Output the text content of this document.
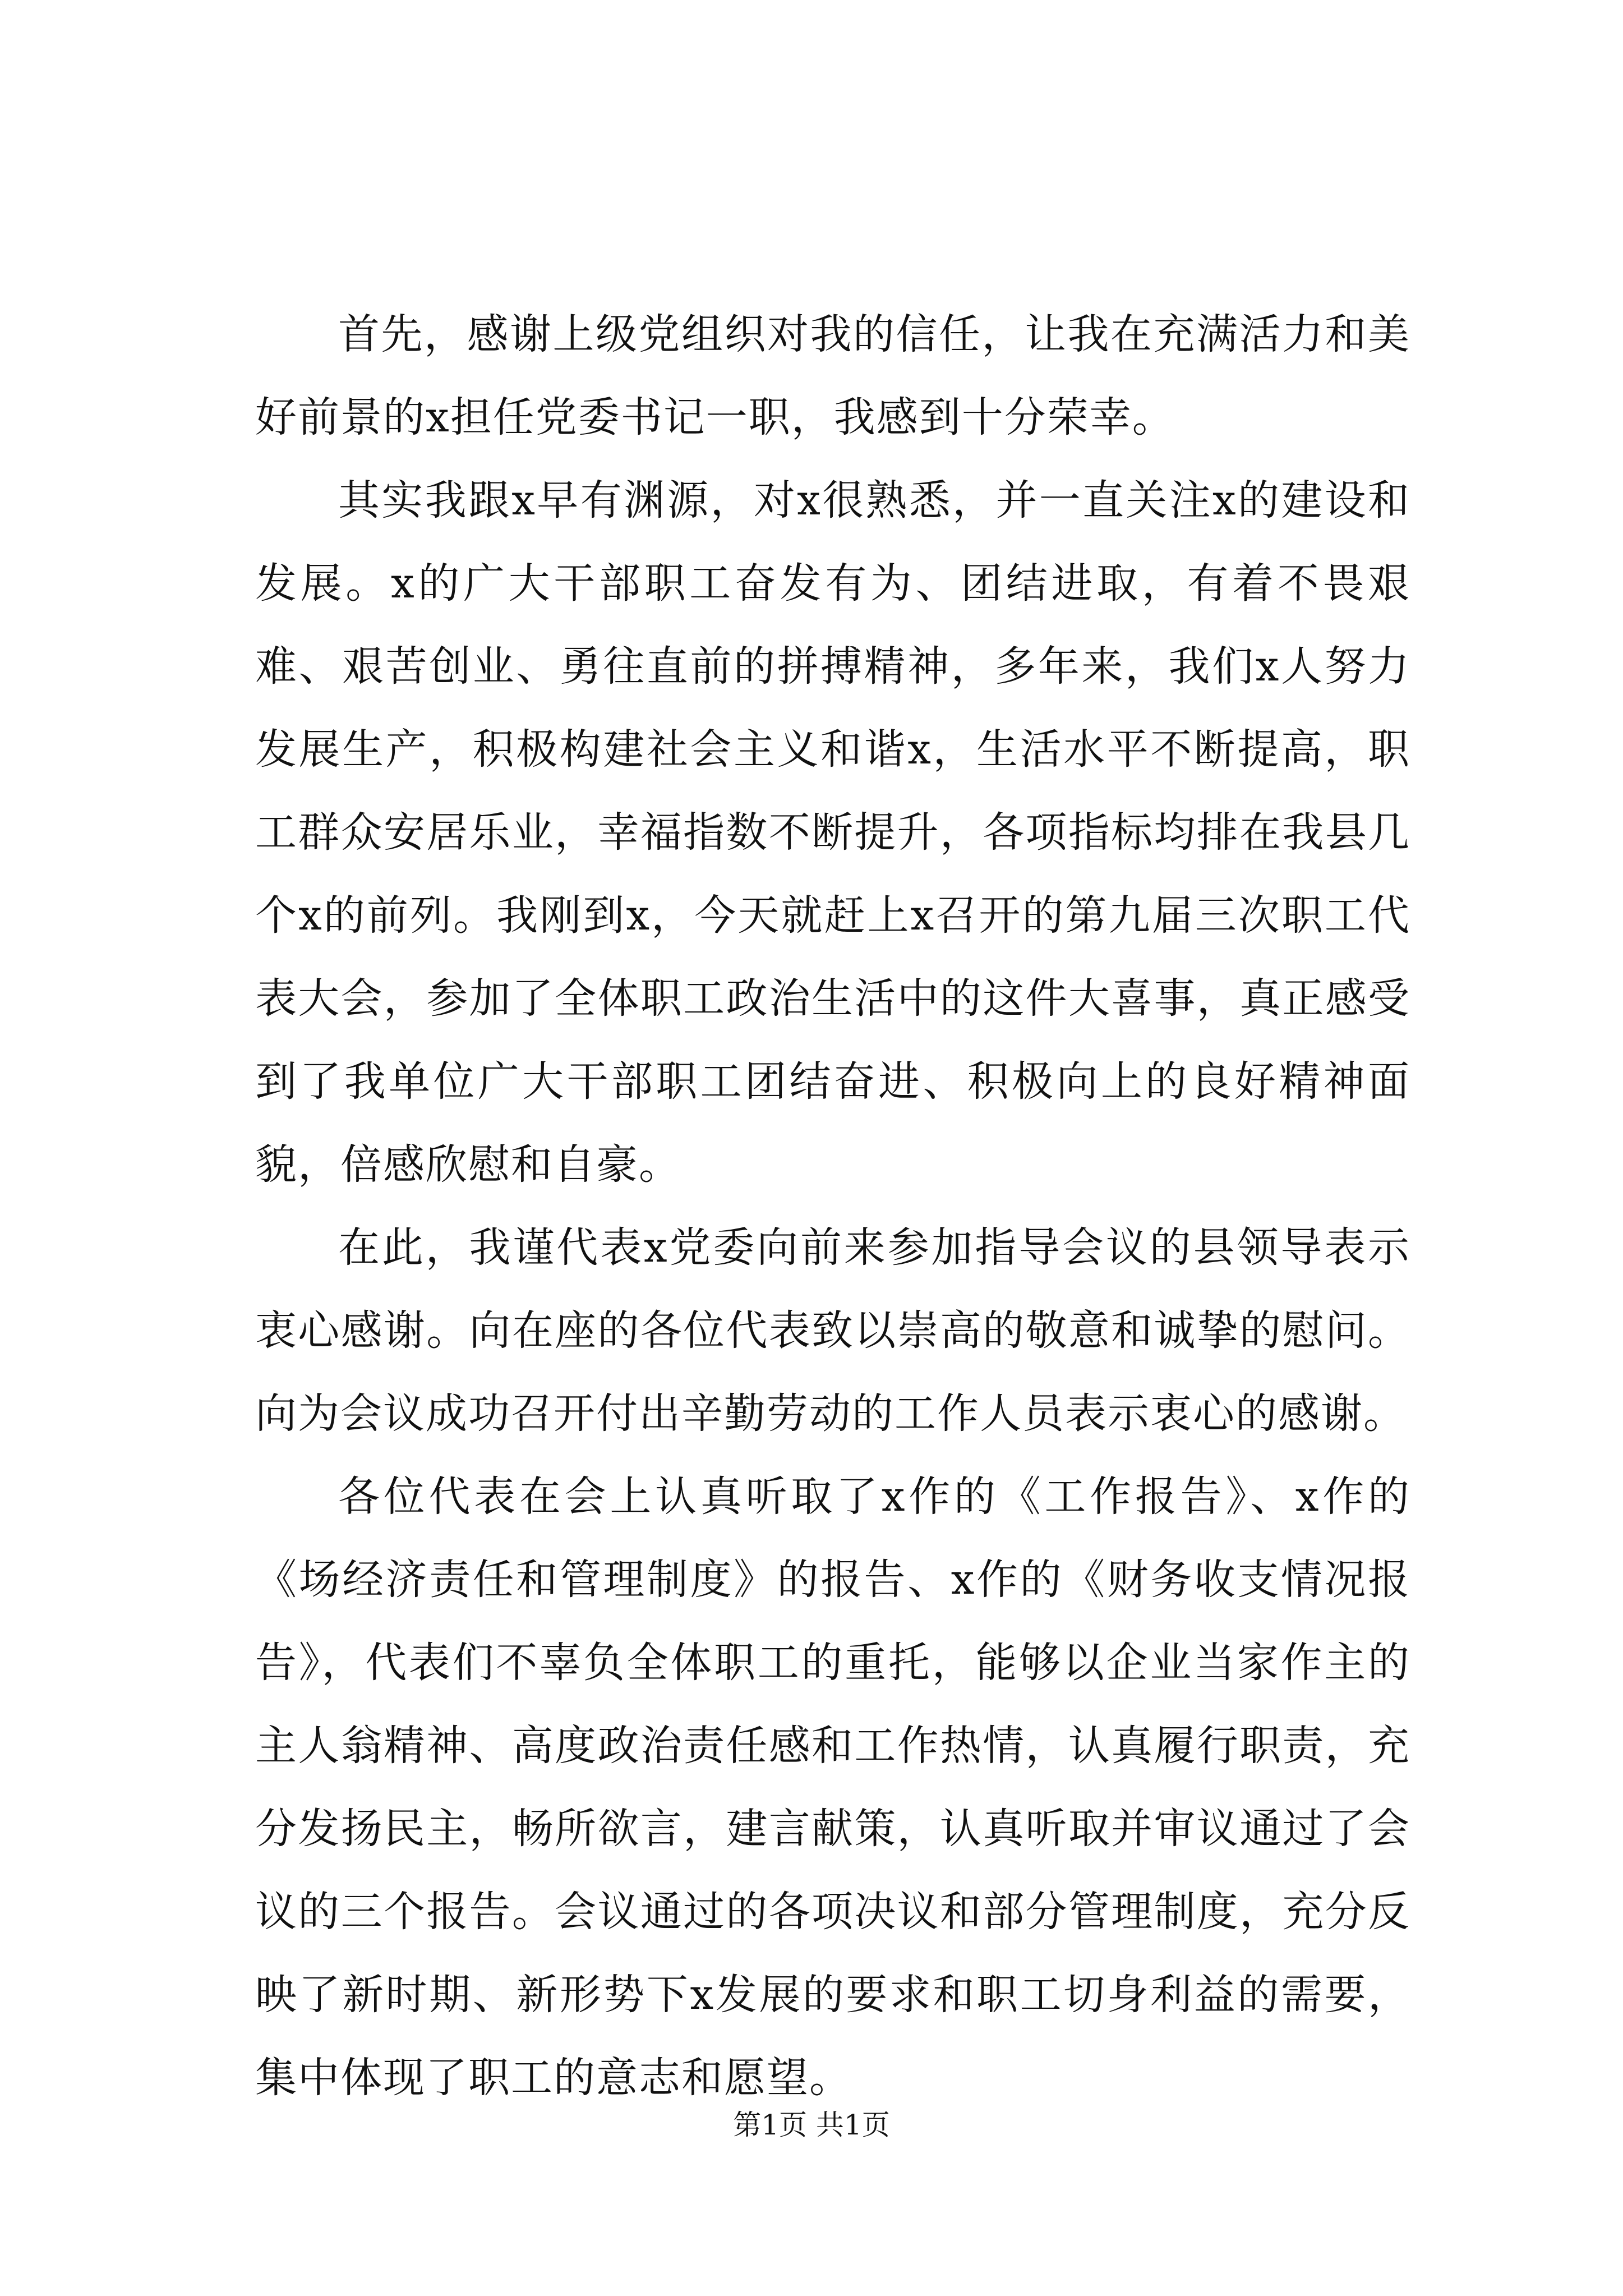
首先，感谢上级党组织对我的信任，让我在充满活力和美好前景的x担任党委书记一职，我感到十分荣幸。

其实我跟x早有渊源，对x很熟悉，并一直关注x的建设和发展。x的广大干部职工奋发有为、团结进取，有着不畏艰难、艰苦创业、勇往直前的拼搏精神，多年来，我们x人努力发展生产，积极构建社会主义和谐x，生活水平不断提高，职工群众安居乐业，幸福指数不断提升，各项指标均排在我县几个x的前列。我刚到x，今天就赶上x召开的第九届三次职工代表大会，参加了全体职工政治生活中的这件大喜事，真正感受到了我单位广大干部职工团结奋进、积极向上的良好精神面貌，倍感欣慰和自豪。

在此，我谨代表x党委向前来参加指导会议的县领导表示衷心感谢。向在座的各位代表致以崇高的敬意和诚挚的慰问。向为会议成功召开付出辛勤劳动的工作人员表示衷心的感谢。

各位代表在会上认真听取了x作的《工作报告》、x作的《场经济责任和管理制度》的报告、x作的《财务收支情况报告》，代表们不辜负全体职工的重托，能够以企业当家作主的主人翁精神、高度政治责任感和工作热情，认真履行职责，充分发扬民主，畅所欲言，建言献策，认真听取并审议通过了会议的三个报告。会议通过的各项决议和部分管理制度，充分反映了新时期、新形势下x发展的要求和职工切身利益的需要，集中体现了职工的意志和愿望。

第1页 共1页
